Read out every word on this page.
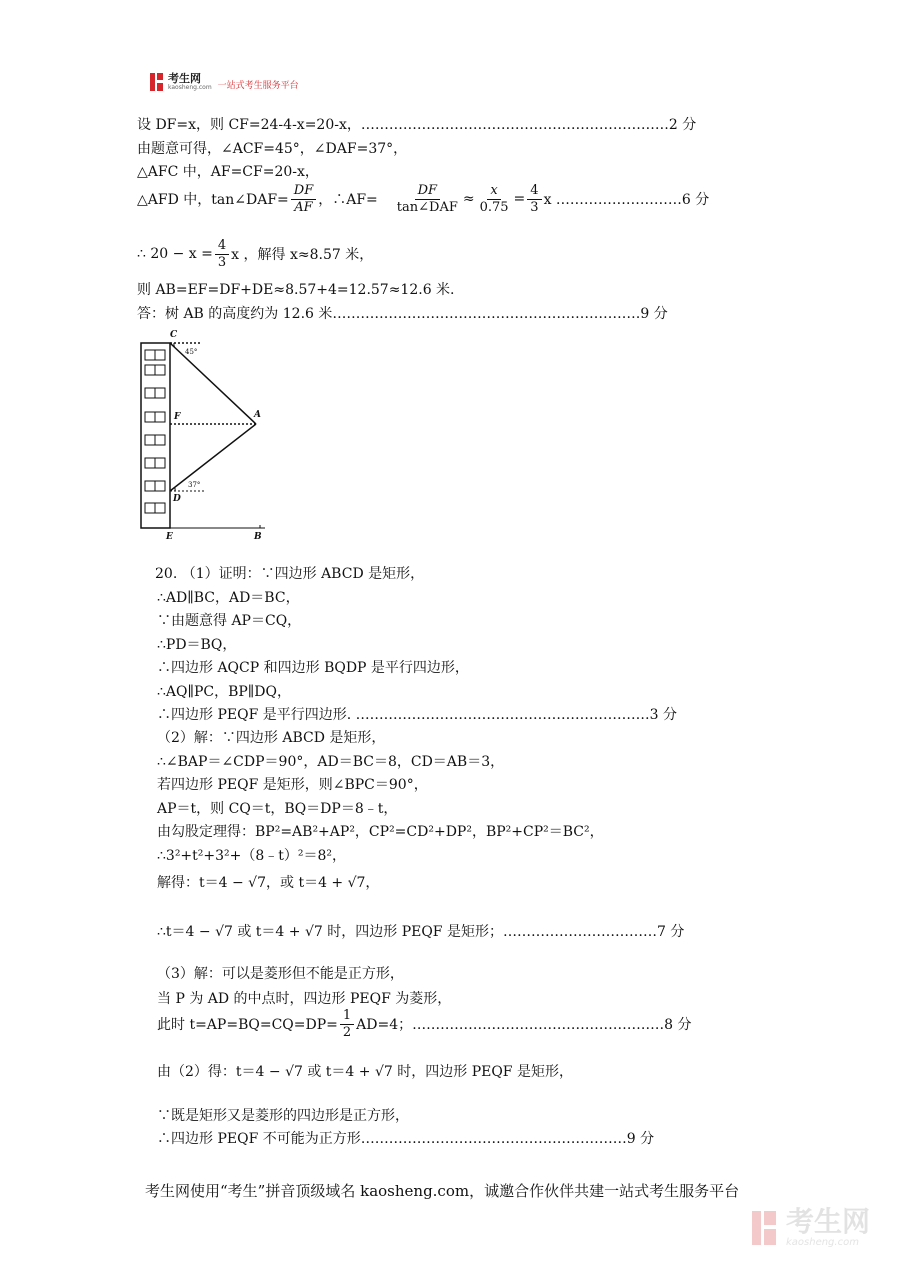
考生网
kaosheng.com 一站式考生服务平台
设 DF=x，则 CF=24-4-x=20-x，…………………………………………………………2 分
由题意可得，∠ACF=45°，∠DAF=37°，
△AFC 中，AF=CF=20-x，
△AFD 中，tan∠DAF= $\frac{DF}{AF}$ ，∴AF= $\frac{DF}{\text{tan∠DAF}} \approx \frac{x}{0.75} = \frac{4}{3}$ x ………………………6 分
∴ $20 - x = \frac{4}{3}$ x ，解得 x≈8.57 米，
则 AB=EF=DF+DE≈8.57+4=12.57≈12.6 米.
答：树 AB 的高度约为 12.6 米…………………………………………………………9 分
C
F	A
D
E	B
45°
37°
20. （1）证明：∵四边形 ABCD 是矩形，
∴AD∥BC，AD＝BC，
∵由题意得 AP＝CQ，
∴PD＝BQ，
∴四边形 AQCP 和四边形 BQDP 是平行四边形，
∴AQ∥PC，BP∥DQ，
∴四边形 PEQF 是平行四边形. ………………………………………………………3 分
（2）解：∵四边形 ABCD 是矩形，
∴∠BAP＝∠CDP＝90°，AD＝BC＝8，CD＝AB＝3，
若四边形 PEQF 是矩形，则∠BPC＝90°，
AP＝t，则 CQ＝t，BQ＝DP＝8﹣t，
由勾股定理得：BP²=AB²+AP²，CP²=CD²+DP²，BP²+CP²＝BC²，
∴3²+t²+3²+（8﹣t）²＝8²，
解得：t＝4 − √7，或 t＝4 + √7，
∴t＝4 − √7 或 t＝4 + √7 时，四边形 PEQF 是矩形；……………………………7 分
（3）解：可以是菱形但不能是正方形，
当 P 为 AD 的中点时，四边形 PEQF 为菱形，
此时 $t=AP=BQ=CQ=DP= \frac{1}{2} AD=4$；………………………………………………8 分
由（2）得：t＝4 − √7 或 t＝4 + √7 时，四边形 PEQF 是矩形，
∵既是矩形又是菱形的四边形是正方形，
∴四边形 PEQF 不可能为正方形…………………………………………………9 分
考生网使用“考生”拼音顶级域名 kaosheng.com，诚邀合作伙伴共建一站式考生服务平台
考生网
kaosheng.com
